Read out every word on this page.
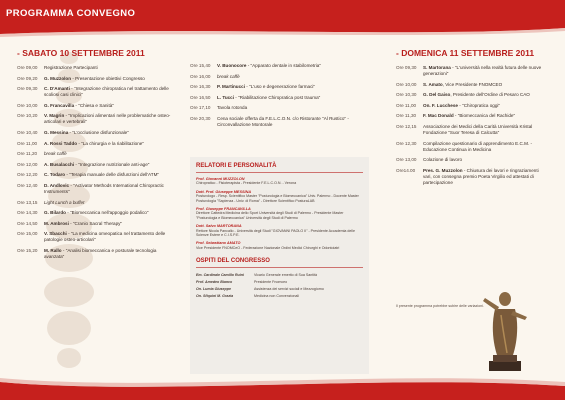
PROGRAMMA CONVEGNO
- SABATO 10 SETTEMBRE 2011
Ore 09,00	Registrazione Partecipanti
Ore 09,20	G. Muzzolon - Presentazione obiettivi Congresso
Ore 09,30	C. D'Amanti - "Integrazione chiropratica nel trattamento delle scoliosi casi clinici"
Ore 10,00	G. Francavilla - "Chiesa e Sanità"
Ore 10,20	V. Magrin - "Implicazioni alimentari nelle problematiche osteo-articolari e vertebrali"
Ore 10,40	G. Messina - "L'occlusione disfunzionale"
Ore 11,00	A. Rossi Taddo - "La chirurgia e la riabilitazione"
Ore 11,20	break caffè
Ore 12,00	A. Busalacchi - "Integrazione nutrizionale anti-age"
Ore 12,20	C. Todaro - "Terapia manuale delle disfunzioni dell'ATM"
Ore 12,40	D. Andlovic - "Activator Methods International Chiropractic Instruments"
Ore 13,15	Light Lunch a buffet
Ore 14,30	G. Bilardo - "Biomeccanica nell'appoggio podalico"
Ore 14,50	M. Ambrosi - "Cranio Sacral Therapy"
Ore 15,00	V. Sbacchi - "La medicina omeopatica nel trattamento delle patologie osteo-articolari"
Ore 15,20	M. Rallo - "Analisi biomeccanica e posturale tecnologia avanzata"
Ore 15,40	V. Buonocore - "Apparato dentale in stabilometria"
Ore 16,00	break caffè
Ore 16,30	P. Martinucci - "L'uso e degenerazione farmaci"
Ore 16,50	L. Tucci - "Riabilitazione Chiropratica post trauma"
Ore 17,10	Tavola rotonda
Ore 20,30	Cena sociale offerta da F.E.L.C.O.N. c/o Ristorante "Al Rustico" - Circonvallazione Montorale
RELATORI E PERSONALITÀ
Prof. Giovanni MUZZOLON
Chiropratico - Fisioterapista - Presidente F.E.L.C.O.N. - Verona
Dott. Prof. Giuseppe MESSINA
Posturologo - Resp. Scientifico Master "Posturologia e Biomeccanica" Univ. Palermo - Docente Master Posturologia "Sapienza - Univ. di Roma" - Direttore Scientifico PosturaLAB
Prof. Giuseppe FRANCAVILLA
Direttore Cattedra Medicina dello Sport Università degli Studi di Palermo - Presidente Master "Posturologia e Biomeccanica" Università degli Studi di Palermo
Dott. Salvo MARTORANA
Rettore Nicola Pancallo - Università degli Studi "GIOVANNI PAOLO II" - Presidente Accademia delle Scienze Estere e C.I.S.P.E.
Prof. Sebastiano AMATO
Vice Presidente FNOMCeO - Federazione Nazionale Ordini Medici Chirurghi e Odontoiatri
OSPITI DEL CONGRESSO
Em. Cardinale Camillo Ruini	Vicario Generale emerito di Sua Santità
Prof. Amedeo Bianco	Presidente Fnomceo
On. Lumia Giuseppe	Assistenza dei servizi sociali e Mezzogiorno
On. Sfiquini M. Grazia	Medicina non Convenzionali
- DOMENICA 11 SETTEMBRE 2011
Ore 09,30	S. Martorana - "L'università nella realtà futura delle nuove generazioni"
Ore 10,00	S. Amato, Vice Presidente FNOMCEO
Ore 10,30	G. Del Gaiso, Presidente dell'Ordine di Pesaro CAO
Ore 11,00	On. F. Lucchese - "Chiropratica oggi"
Ore 11,30	F. Mac Donald - "Biomeccanica del Rachide"
Ore 12,15	Associazione dei Medici della Carità Università Kristal Fondazione "Suor Teresa di Calcutta"
Ore 12,30	Compilazione questionario di apprendimento E.C.M. - Educazione Continua in Medicina
Ore 13,00	Colazione di lavoro
Ore14.00	Pres. G. Muzzolon - Chiusura dei lavori e ringraziamenti vari, con consegna premio Poeta Virgilio ed attestati di partecipazione
Il presente programma potrebbe subire delle variazioni.
